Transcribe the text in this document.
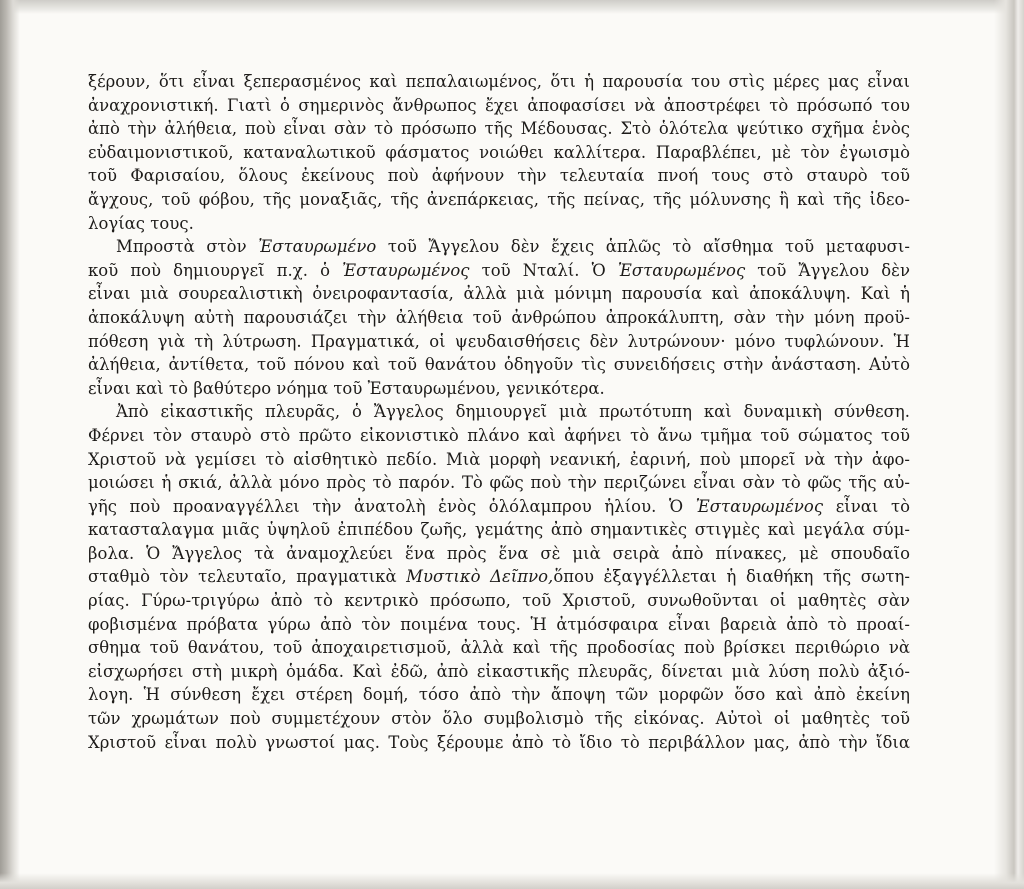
ξέρουν, ὅτι εἶναι ξεπερασμένος καὶ πεπαλαιωμένος, ὅτι ἡ παρουσία του στὶς μέρες μας εἶναι
ἀναχρονιστική. Γιατὶ ὁ σημερινὸς ἄνθρωπος ἔχει ἀποφασίσει νὰ ἀποστρέφει τὸ πρόσωπό του
ἀπὸ τὴν ἀλήθεια, ποὺ εἶναι σὰν τὸ πρόσωπο τῆς Μέδουσας. Στὸ ὁλότελα ψεύτικο σχῆμα ἑνὸς
εὐδαιμονιστικοῦ, καταναλωτικοῦ φάσματος νοιώθει καλλίτερα. Παραβλέπει, μὲ τὸν ἐγωισμὸ
τοῦ Φαρισαίου, ὅλους ἐκείνους ποὺ ἀφήνουν τὴν τελευταία πνοή τους στὸ σταυρὸ τοῦ
ἄγχους, τοῦ φόβου, τῆς μοναξιᾶς, τῆς ἀνεπάρκειας, τῆς πείνας, τῆς μόλυνσης ἢ καὶ τῆς ἰδεο-
λογίας τους.
Μπροστὰ στὸν Ἐσταυρωμένο τοῦ Ἄγγελου δὲν ἔχεις ἁπλῶς τὸ αἴσθημα τοῦ μεταφυσι-
κοῦ ποὺ δημιουργεῖ π.χ. ὁ Ἐσταυρωμένος τοῦ Νταλί. Ὁ Ἐσταυρωμένος τοῦ Ἄγγελου δὲν
εἶναι μιὰ σουρεαλιστικὴ ὀνειροφαντασία, ἀλλὰ μιὰ μόνιμη παρουσία καὶ ἀποκάλυψη. Καὶ ἡ
ἀποκάλυψη αὐτὴ παρουσιάζει τὴν ἀλήθεια τοῦ ἀνθρώπου ἀπροκάλυπτη, σὰν τὴν μόνη προϋ-
πόθεση γιὰ τὴ λύτρωση. Πραγματικά, οἱ ψευδαισθήσεις δὲν λυτρώνουν· μόνο τυφλώνουν. Ἡ
ἀλήθεια, ἀντίθετα, τοῦ πόνου καὶ τοῦ θανάτου ὁδηγοῦν τὶς συνειδήσεις στὴν ἀνάσταση. Αὐτὸ
εἶναι καὶ τὸ βαθύτερο νόημα τοῦ Ἐσταυρωμένου, γενικότερα.
Ἀπὸ εἰκαστικῆς πλευρᾶς, ὁ Ἄγγελος δημιουργεῖ μιὰ πρωτότυπη καὶ δυναμικὴ σύνθεση.
Φέρνει τὸν σταυρὸ στὸ πρῶτο εἰκονιστικὸ πλάνο καὶ ἀφήνει τὸ ἄνω τμῆμα τοῦ σώματος τοῦ
Χριστοῦ νὰ γεμίσει τὸ αἰσθητικὸ πεδίο. Μιὰ μορφὴ νεανική, ἐαρινή, ποὺ μπορεῖ νὰ τὴν ἀφο-
μοιώσει ἡ σκιά, ἀλλὰ μόνο πρὸς τὸ παρόν. Τὸ φῶς ποὺ τὴν περιζώνει εἶναι σὰν τὸ φῶς τῆς αὐ-
γῆς ποὺ προαναγγέλλει τὴν ἀνατολὴ ἑνὸς ὁλόλαμπρου ἡλίου. Ὁ Ἐσταυρωμένος εἶναι τὸ
κατασταλαγμα μιᾶς ὑψηλοῦ ἐπιπέδου ζωῆς, γεμάτης ἀπὸ σημαντικὲς στιγμὲς καὶ μεγάλα σύμ-
βολα. Ὁ Ἄγγελος τὰ ἀναμοχλεύει ἕνα πρὸς ἕνα σὲ μιὰ σειρὰ ἀπὸ πίνακες, μὲ σπουδαῖο
σταθμὸ τὸν τελευταῖο, πραγματικὰ Μυστικὸ Δεῖπνο,ὅπου ἐξαγγέλλεται ἡ διαθήκη τῆς σωτη-
ρίας. Γύρω-τριγύρω ἀπὸ τὸ κεντρικὸ πρόσωπο, τοῦ Χριστοῦ, συνωθοῦνται οἱ μαθητὲς σὰν
φοβισμένα πρόβατα γύρω ἀπὸ τὸν ποιμένα τους. Ἡ ἀτμόσφαιρα εἶναι βαρειὰ ἀπὸ τὸ προαί-
σθημα τοῦ θανάτου, τοῦ ἀποχαιρετισμοῦ, ἀλλὰ καὶ τῆς προδοσίας ποὺ βρίσκει περιθώριο νὰ
εἰσχωρήσει στὴ μικρὴ ὁμάδα. Καὶ ἐδῶ, ἀπὸ εἰκαστικῆς πλευρᾶς, δίνεται μιὰ λύση πολὺ ἀξιό-
λογη. Ἡ σύνθεση ἔχει στέρεη δομή, τόσο ἀπὸ τὴν ἄποψη τῶν μορφῶν ὅσο καὶ ἀπὸ ἐκείνη
τῶν χρωμάτων ποὺ συμμετέχουν στὸν ὅλο συμβολισμὸ τῆς εἰκόνας. Αὐτοὶ οἱ μαθητὲς τοῦ
Χριστοῦ εἶναι πολὺ γνωστοί μας. Τοὺς ξέρουμε ἀπὸ τὸ ἴδιο τὸ περιβάλλον μας, ἀπὸ τὴν ἴδια
